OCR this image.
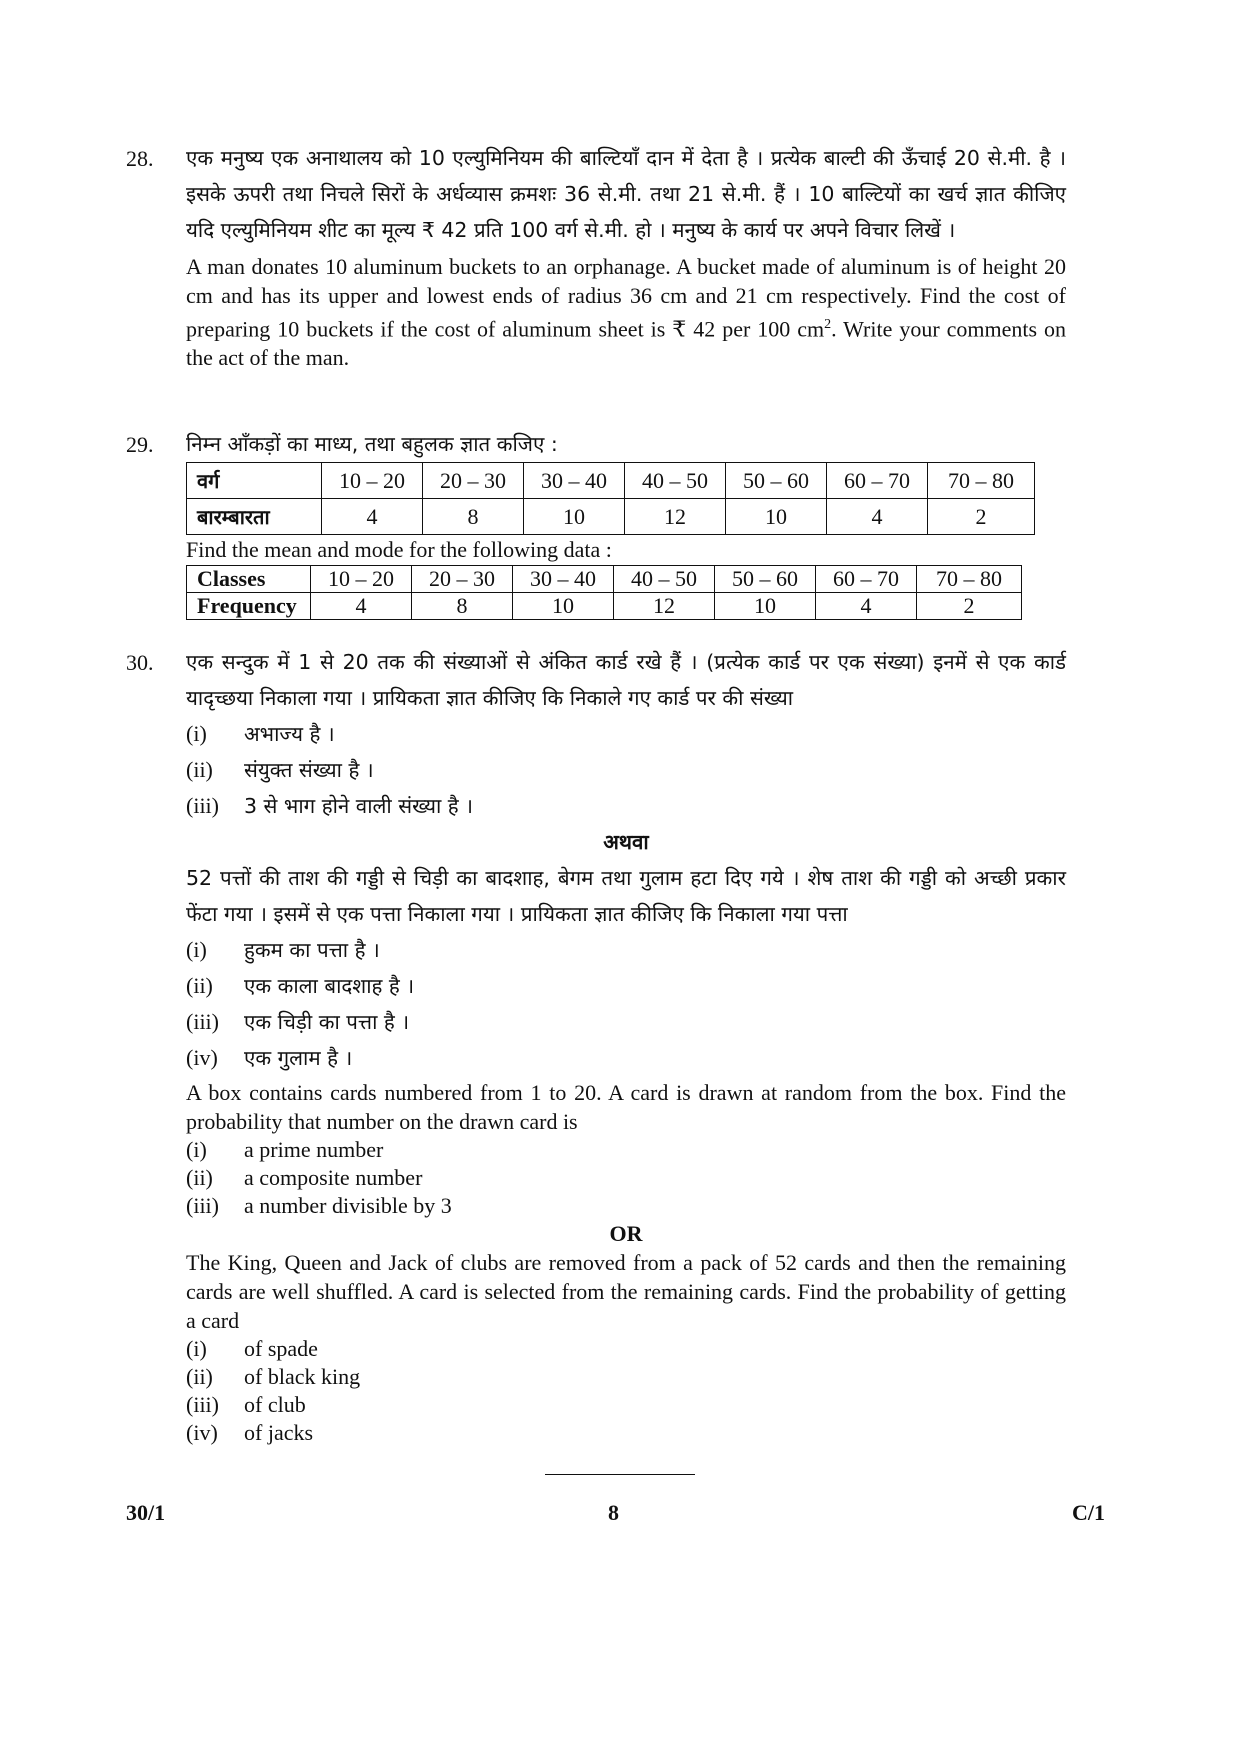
28. एक मनुष्य एक अनाथालय को 10 एल्युमिनियम की बाल्टियाँ दान में देता है । प्रत्येक बाल्टी की ऊँचाई 20 से.मी. है । इसके ऊपरी तथा निचले सिरों के अर्धव्यास क्रमशः 36 से.मी. तथा 21 से.मी. हैं । 10 बाल्टियों का खर्च ज्ञात कीजिए यदि एल्युमिनियम शीट का मूल्य ₹ 42 प्रति 100 वर्ग से.मी. हो । मनुष्य के कार्य पर अपने विचार लिखें ।

A man donates 10 aluminum buckets to an orphanage. A bucket made of aluminum is of height 20 cm and has its upper and lowest ends of radius 36 cm and 21 cm respectively. Find the cost of preparing 10 buckets if the cost of aluminum sheet is ₹ 42 per 100 $cm^2$. Write your comments on the act of the man.

29. निम्न आँकड़ों का माध्य, तथा बहुलक ज्ञात कजिए :

वर्ग	10 – 20	20 – 30	30 – 40	40 – 50	50 – 60	60 – 70	70 – 80
बारम्बारता	4	8	10	12	10	4	2

Find the mean and mode for the following data :

Classes	10 – 20	20 – 30	30 – 40	40 – 50	50 – 60	60 – 70	70 – 80
Frequency	4	8	10	12	10	4	2
30. एक सन्दुक में 1 से 20 तक की संख्याओं से अंकित कार्ड रखे हैं । (प्रत्येक कार्ड पर एक संख्या) इनमें से एक कार्ड यादृच्छया निकाला गया । प्रायिकता ज्ञात कीजिए कि निकाले गए कार्ड पर की संख्या

(i)	अभाज्य है ।
(ii)	संयुक्त संख्या है ।
(iii)	3 से भाग होने वाली संख्या है ।
अथवा

52 पत्तों की ताश की गड्डी से चिड़ी का बादशाह, बेगम तथा गुलाम हटा दिए गये । शेष ताश की गड्डी को अच्छी प्रकार फेंटा गया । इसमें से एक पत्ता निकाला गया । प्रायिकता ज्ञात कीजिए कि निकाला गया पत्ता

(i)	हुकम का पत्ता है ।
(ii)	एक काला बादशाह है ।
(iii)	एक चिड़ी का पत्ता है ।
(iv)	एक गुलाम है ।

A box contains cards numbered from 1 to 20. A card is drawn at random from the box. Find the probability that number on the drawn card is

(i)	a prime number
(ii)	a composite number
(iii)	a number divisible by 3
OR

The King, Queen and Jack of clubs are removed from a pack of 52 cards and then the remaining cards are well shuffled. A card is selected from the remaining cards. Find the probability of getting a card

(i)	of spade
(ii)	of black king
(iii)	of club
(iv)	of jacks
30/1	8	C/1
